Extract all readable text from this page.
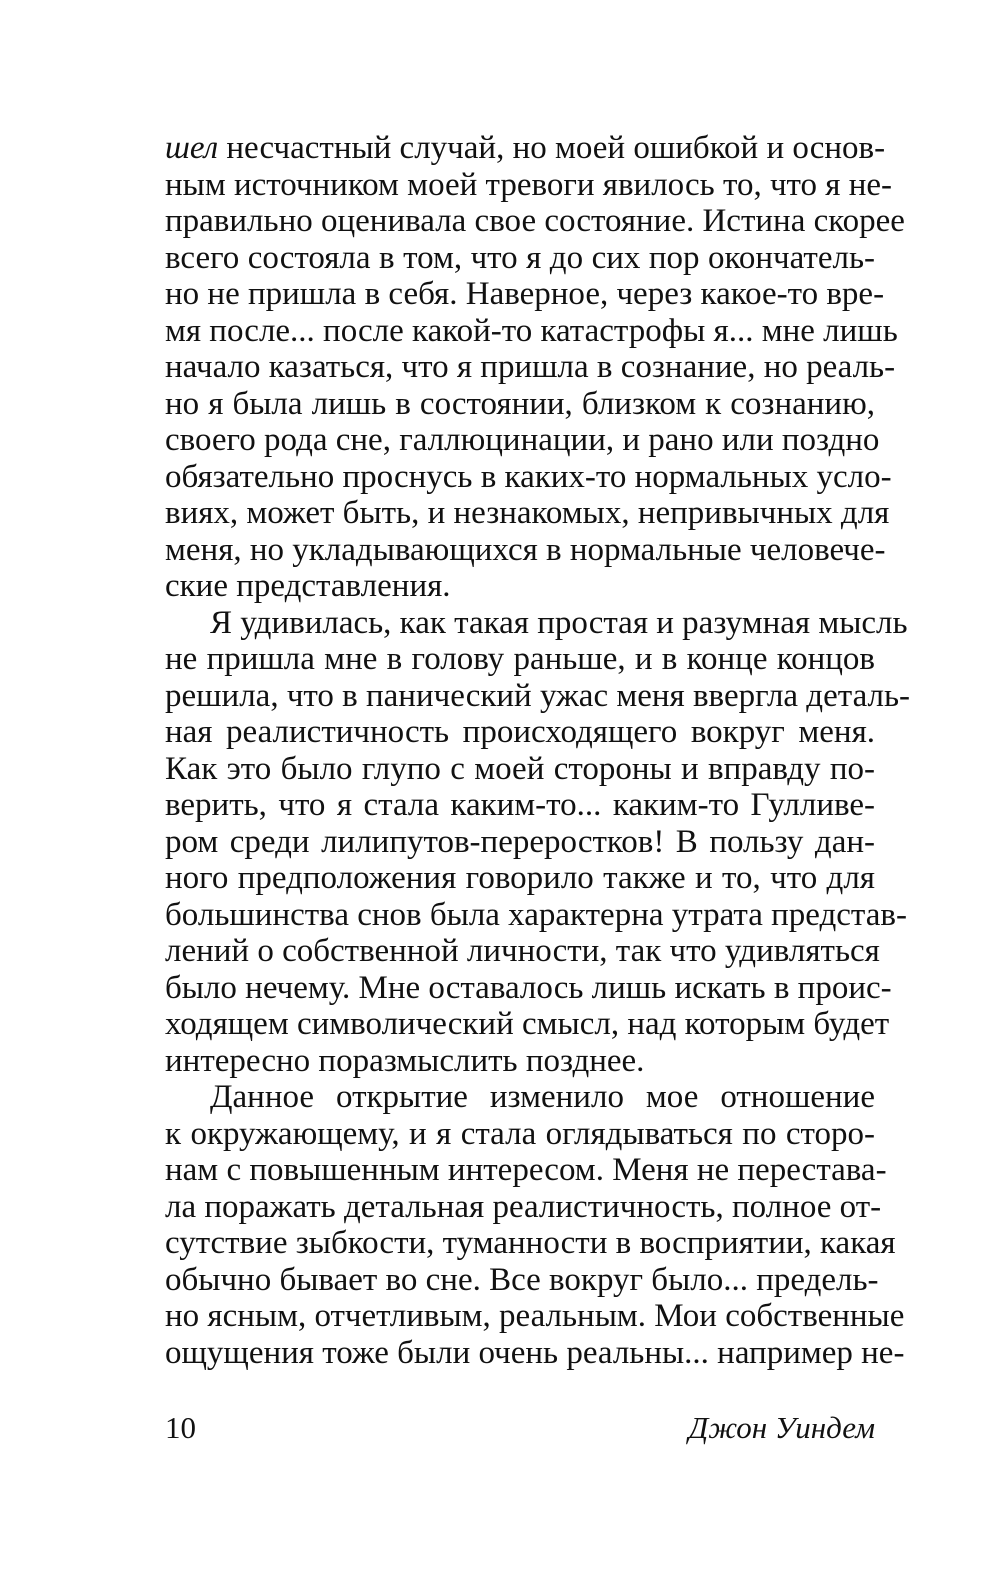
шел несчастный случай, но моей ошибкой и основ-
ным источником моей тревоги явилось то, что я не-
правильно оценивала свое состояние. Истина скорее
всего состояла в том, что я до сих пор окончатель-
но не пришла в себя. Наверное, через какое-то вре-
мя после... после какой-то катастрофы я... мне лишь
начало казаться, что я пришла в сознание, но реаль-
но я была лишь в состоянии, близком к сознанию,
своего рода сне, галлюцинации, и рано или поздно
обязательно проснусь в каких-то нормальных усло-
виях, может быть, и незнакомых, непривычных для
меня, но укладывающихся в нормальные человече-
ские представления.
Я удивилась, как такая простая и разумная мысль
не пришла мне в голову раньше, и в конце концов
решила, что в панический ужас меня ввергла деталь-
ная реалистичность происходящего вокруг меня.
Как это было глупо с моей стороны и вправду по-
верить, что я стала каким-то... каким-то Гулливе-
ром среди лилипутов-переростков! В пользу дан-
ного предположения говорило также и то, что для
большинства снов была характерна утрата представ-
лений о собственной личности, так что удивляться
было нечему. Мне оставалось лишь искать в проис-
ходящем символический смысл, над которым будет
интересно поразмыслить позднее.
Данное открытие изменило мое отношение
к окружающему, и я стала оглядываться по сторо-
нам с повышенным интересом. Меня не перестава-
ла поражать детальная реалистичность, полное от-
сутствие зыбкости, туманности в восприятии, какая
обычно бывает во сне. Все вокруг было... предель-
но ясным, отчетливым, реальным. Мои собственные
ощущения тоже были очень реальны... например не-
10	Джон Уиндем
